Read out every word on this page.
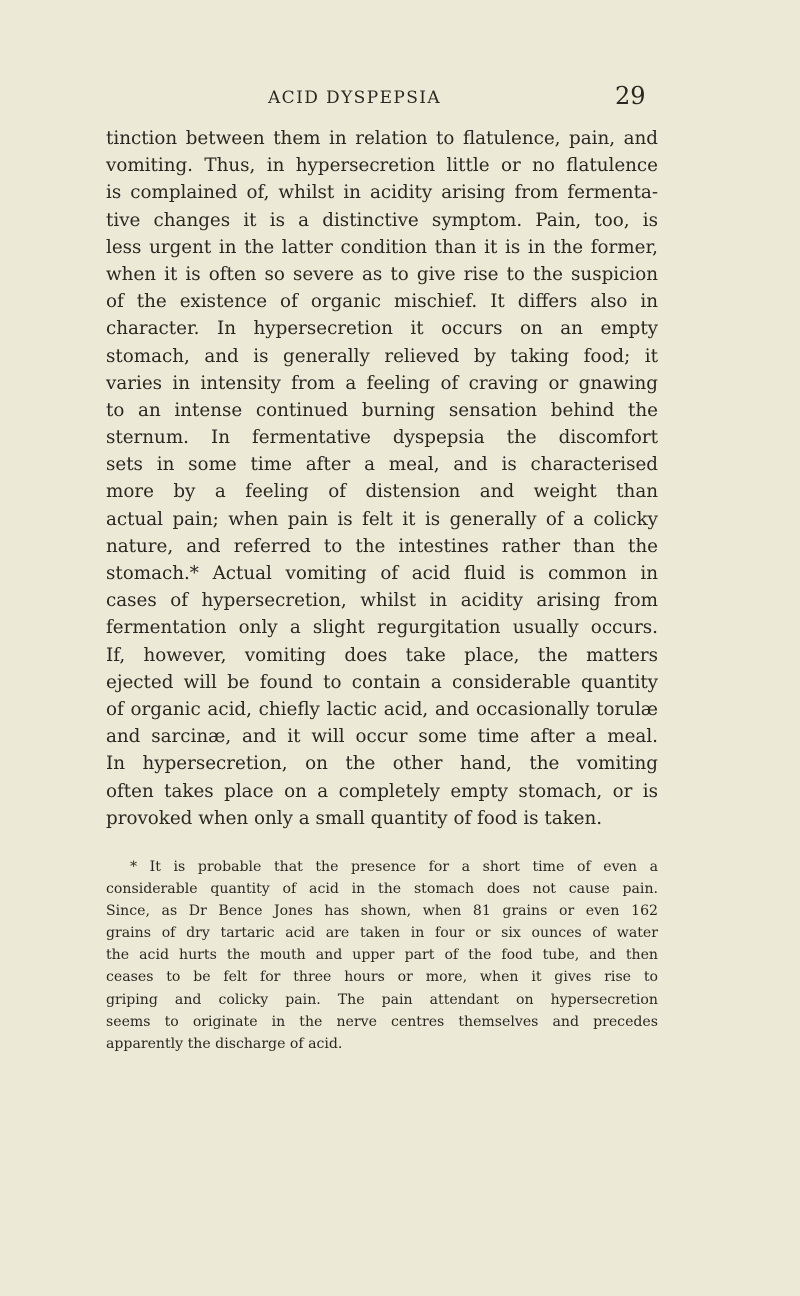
ACID DYSPEPSIA	29
tinction between them in relation to flatulence, pain, and
vomiting. Thus, in hypersecretion little or no flatulence
is complained of, whilst in acidity arising from fermenta-
tive changes it is a distinctive symptom. Pain, too, is
less urgent in the latter condition than it is in the former,
when it is often so severe as to give rise to the suspicion
of the existence of organic mischief. It differs also in
character. In hypersecretion it occurs on an empty
stomach, and is generally relieved by taking food; it
varies in intensity from a feeling of craving or gnawing
to an intense continued burning sensation behind the
sternum. In fermentative dyspepsia the discomfort
sets in some time after a meal, and is characterised
more by a feeling of distension and weight than
actual pain; when pain is felt it is generally of a colicky
nature, and referred to the intestines rather than the
stomach.* Actual vomiting of acid fluid is common in
cases of hypersecretion, whilst in acidity arising from
fermentation only a slight regurgitation usually occurs.
If, however, vomiting does take place, the matters
ejected will be found to contain a considerable quantity
of organic acid, chiefly lactic acid, and occasionally torulæ
and sarcinæ, and it will occur some time after a meal.
In hypersecretion, on the other hand, the vomiting
often takes place on a completely empty stomach, or is
provoked when only a small quantity of food is taken.
* It is probable that the presence for a short time of even a
considerable quantity of acid in the stomach does not cause pain.
Since, as Dr Bence Jones has shown, when 81 grains or even 162
grains of dry tartaric acid are taken in four or six ounces of water
the acid hurts the mouth and upper part of the food tube, and then
ceases to be felt for three hours or more, when it gives rise to
griping and colicky pain. The pain attendant on hypersecretion
seems to originate in the nerve centres themselves and precedes
apparently the discharge of acid.
